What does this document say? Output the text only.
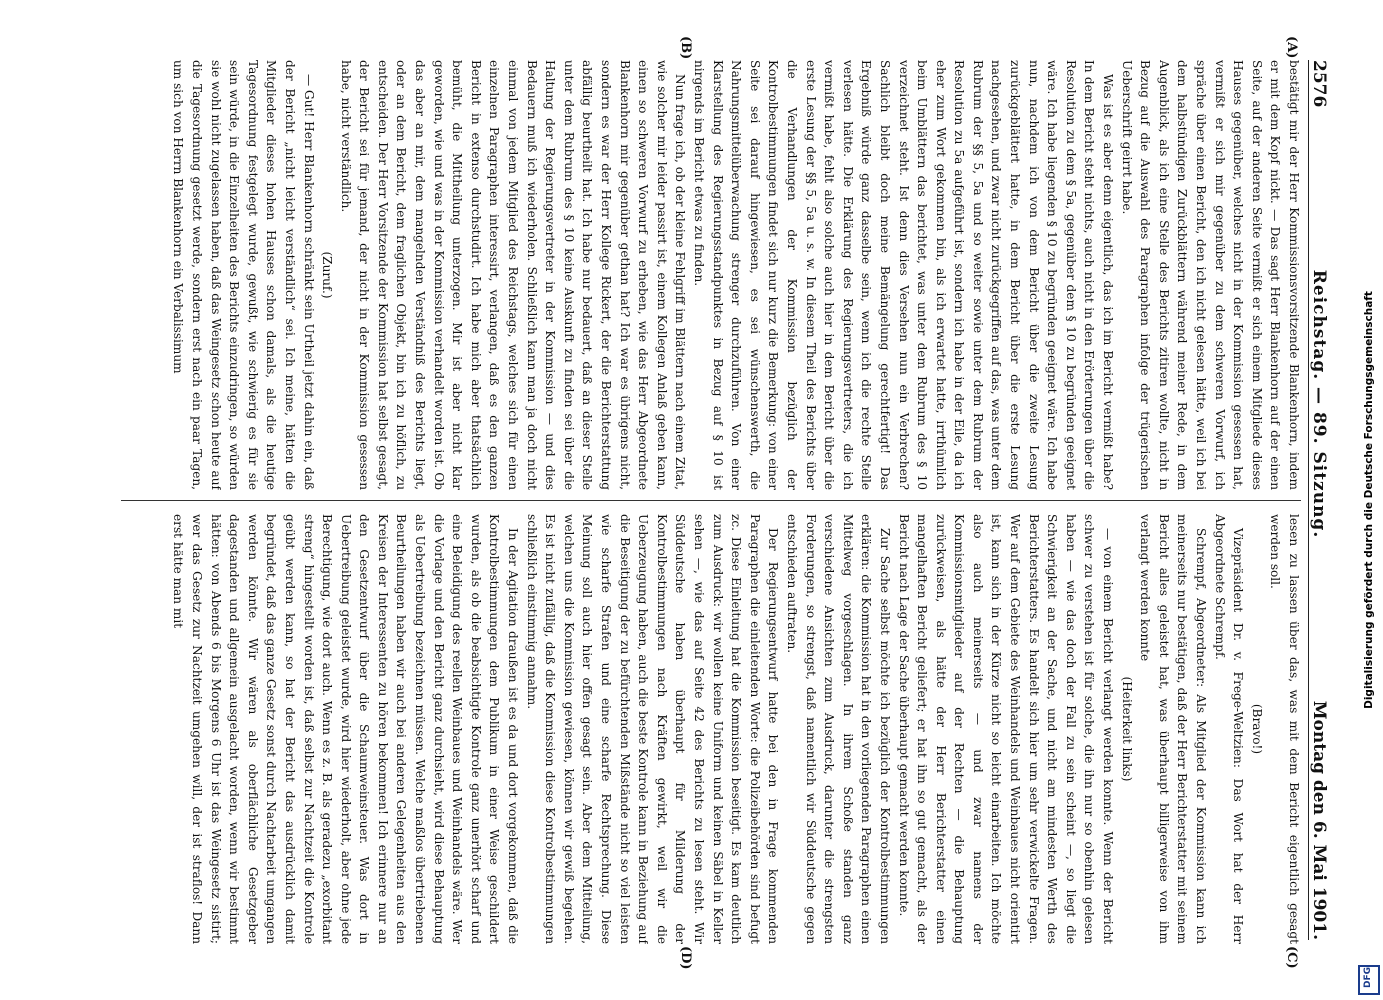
2576
Reichstag. — 89. Sitzung.
Montag den 6. Mai 1901.
(A)
(B)
(C)
(D)

bestätigt mir der Herr Kommissionsvorsitzende Blankenhorn, indem er mit dem Kopf nickt. — Das sagt Herr Blankenhorn auf der einen Seite, auf der anderen Seite vermißt er sich einem Mitgliede dieses Hauses gegenüber, welches nicht in der Kommission gesessen hat, vermißt er sich mir gegenüber zu dem schweren Vorwurf, ich spräche über einen Bericht, den ich nicht gelesen hätte, weil ich bei dem halbstündigen Zurückblättern während meiner Rede, in dem Augenblick, als ich eine Stelle des Berichts zitiren wollte, nicht in Bezug auf die Auswahl des Paragraphen infolge der trügerischen Ueberschrift geirrt habe.

Was ist es aber denn eigentlich, das ich im Bericht vermißt habe? In dem Bericht steht nichts, auch nicht in den Erörterungen über die Resolution zu dem § 5a, gegenüber dem § 10 zu begründen geeignet wäre. Ich habe liegenden § 10 zu begründen geeignet wäre. Ich habe nun, nachdem ich von dem Bericht über die zweite Lesung zurückgeblättert hatte, in dem Bericht über die erste Lesung nachgesehen, und zwar nicht zurückgegriffen auf das, was unter dem Rubrum der §§ 5, 5a und so weiter sowie unter dem Rubrum der Resolution zu 5a aufgeführt ist, sondern ich habe in der Eile, da ich eher zum Wort gekommen bin, als ich erwartet hatte, irrthümlich beim Umblättern das berichtet, was unter dem Rubrum des § 10 verzeichnet steht. Ist denn dies Versehen nun ein Verbrechen? Sachlich bleibt doch meine Bemängelung gerechtfertigt! Das Ergebniß würde ganz dasselbe sein, wenn ich die rechte Stelle verlesen hätte. Die Erklärung des Regierungsvertreters, die ich vermißt habe, fehlt also solche auch hier in dem Bericht über die erste Lesung der §§ 5, 5a u. s. w. In diesem Theil des Berichts über die Verhandlungen der Kommission bezüglich der Kontrolbestimmungen findet sich nur kurz die Bemerkung: von einer Seite sei darauf hingewiesen, es sei wünschenswerth, die Nahrungsmittelüberwachung strenger durchzuführen. Von einer Klarstellung des Regierungsstandpunktes in Bezug auf § 10 ist nirgends im Bericht etwas zu finden.

Nun frage ich, ob der kleine Fehlgriff im Blättern nach einem Zitat, wie solcher mir leider passirt ist, einem Kollegen Anlaß geben kann, einen so schweren Vorwurf zu erheben, wie das Herr Abgeordnete Blankenhorn mir gegenüber gethan hat? Ich war es übrigens nicht, sondern es war der Herr Kollege Rickert, der die Berichterstattung abfällig beurtheilt hat. Ich habe nur bedauert, daß an dieser Stelle unter dem Rubrum des § 10 keine Auskunft zu finden sei über die Haltung der Regierungsvertreter in der Kommission — und dies Bedauern muß ich wiederholen. Schließlich kann man ja doch nicht einmal von jedem Mitglied des Reichstags, welches sich für einen einzelnen Paragraphen interessirt, verlangen, daß es den ganzen Bericht in extenso durchstudirt. Ich habe mich aber thatsächlich bemüht, die Mittheilung unterzogen. Mir ist aber nicht klar geworden, wie und was in der Kommission verhandelt worden ist. Ob das aber an mir, dem mangelnden Verständniß des Berichts liegt, oder an dem Bericht, dem fraglichen Objekt, bin ich zu höflich, zu entscheiden. Der Herr Vorsitzende der Kommission hat selbst gesagt, der Bericht sei für jemand, der nicht in der Kommission gesessen habe, nicht verständlich.

(Zuruf.)

— Gut! Herr Blankenhorn schränkt sein Urtheil jetzt dahin ein, daß der Bericht „nicht leicht verständlich“ sei. Ich meine, hätten die Mitglieder dieses hohen Hauses schon damals, als die heutige Tagesordnung festgelegt wurde, gewußt, wie schwierig es für sie sein würde, in die Einzelheiten des Berichts einzudringen, so würden sie wohl nicht zugelassen haben, daß das Weingesetz schon heute auf die Tagesordnung gesetzt werde, sondern erst nach ein paar Tagen, um sich von Herrn Blankenhorn ein Verbalissimum

lesen zu lassen über das, was mit dem Bericht eigentlich gesagt werden soll.

(Bravo!)

Vizepräsident Dr. v. Frege-Weltzien: Das Wort hat der Herr Abgeordnete Schrempf.

Schrempf, Abgeordneter: Als Mitglied der Kommission kann ich meinerseits nur bestätigen, daß der Herr Berichterstatter mit seinem Bericht alles geleistet hat, was überhaupt billigerweise von ihm verlangt werden konnte

(Heiterkeit links)

— von einem Bericht verlangt werden konnte. Wenn der Bericht schwer zu verstehen ist für solche, die ihn nur so obenhin gelesen haben — wie das doch der Fall zu sein scheint —, so liegt die Schwierigkeit an der Sache, und nicht am mindesten Werth des Berichterstatters. Es handelt sich hier um sehr verwickelte Fragen. Wer auf dem Gebiete des Weinhandels und Weinbaues nicht orientirt ist, kann sich in der Kürze nicht so leicht einarbeiten. Ich möchte also auch meinerseits — und zwar namens der Kommissionsmitglieder auf der Rechten — die Behauptung zurückweisen, als hätte der Herr Berichterstatter einen mangelhaften Bericht geliefert; er hat ihn so gut gemacht, als der Bericht nach Lage der Sache überhaupt gemacht werden konnte.

Zur Sache selbst möchte ich bezüglich der Kontrolbestimmungen erklären: die Kommission hat in den vorliegenden Paragraphen einen Mittelweg vorgeschlagen. In ihrem Schoße standen ganz verschiedene Ansichten zum Ausdruck, darunter die strengsten Forderungen, so strengst, daß namentlich wir Süddeutsche gegen entschieden auftraten.

Der Regierungsentwurf hatte bei den in Frage kommenden Paragraphen die einleitenden Worte: die Polizeibehörden sind befugt zc. Diese Einleitung hat die Kommission beseitigt. Es kam deutlich zum Ausdruck: wir wollen keine Uniform und keinen Säbel in Keller sehen —, wie das auf Seite 42 des Berichts zu lesen steht. Wir Süddeutsche haben überhaupt für Milderung der Kontrolbestimmungen nach Kräften gewirkt, weil wir die Ueberzeugung haben, auch die beste Kontrole kann in Beziehung auf die Beseitigung der zu befürchtenden Mißstände nicht so viel leisten wie scharfe Strafen und eine scharfe Rechtsprechung. Diese Meinung soll auch hier offen gesagt sein. Aber dem Mitteilung, welchen uns die Kommission gewiesen, können wir gewiß begehen. Es ist nicht zufällig, daß die Kommission diese Kontrolbestimmungen schließlich einstimmig annahm.

In der Agitation draußen ist es da und dort vorgekommen, daß die Kontrolbestimmungen dem Publikum in einer Weise geschildert wurden, als ob die beabsichtigte Kontrole ganz unerhört scharf und eine Beleidigung des reellen Weinbaues und Weinhandels wäre. Wer die Vorlage und den Bericht ganz durchsieht, wird diese Behauptung als Uebertreibung bezeichnen müssen. Welche maßlos übertriebenen Beurtheilungen haben wir auch bei anderen Gelegenheiten aus den Kreisen der Interessenten zu hören bekommen! Ich erinnere nur an den Gesetzentwurf über die Schaumweinsteuer. Was dort in Uebertreibung geleistet wurde, wird hier wiederholt, aber ohne jede Berechtigung, wie dort auch. Wenn es z. B. als geradezu „exorbitant streng“ hingestellt worden ist, daß selbst zur Nachtzeit die Kontrole geübt werden kann, so hat der Bericht das ausdrücklich damit begründet, daß das ganze Gesetz sonst durch Nachtarbeit umgangen werden könnte. Wir wären als oberflächliche Gesetzgeber dagestanden und allgemein ausgelacht worden, wenn wir bestimmt hätten: von Abends 6 bis Morgens 6 Uhr ist das Weingesetz sistirt; wer das Gesetz zur Nachtzeit umgehen will, der ist straflos! Dann erst hätte man mit	Digitalisierung gefördert durch die Deutsche Forschungsgemeinschaft
DFG
